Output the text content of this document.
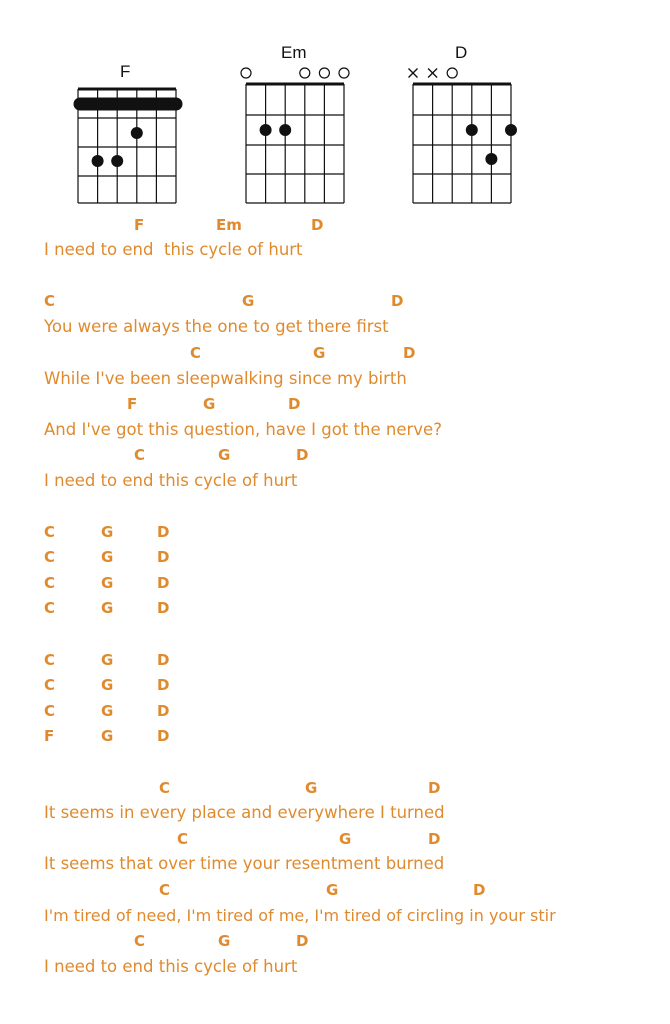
F
Em	D
F	Em	D
I need to end  this cycle of hurt
C	G	D
You were always the one to get there first
C	G	D
While I've been sleepwalking since my birth
F	G	D
And I've got this question, have I got the nerve?
C	G	D
I need to end this cycle of hurt
C	G	D
C	G	D
C	G	D
C	G	D
C	G	D
C	G	D
C	G	D
F	G	D
C	G	D
It seems in every place and everywhere I turned
C	G	D
It seems that over time your resentment burned
C	G	D
I'm tired of need, I'm tired of me, I'm tired of circling in your stir
C	G	D
I need to end this cycle of hurt
